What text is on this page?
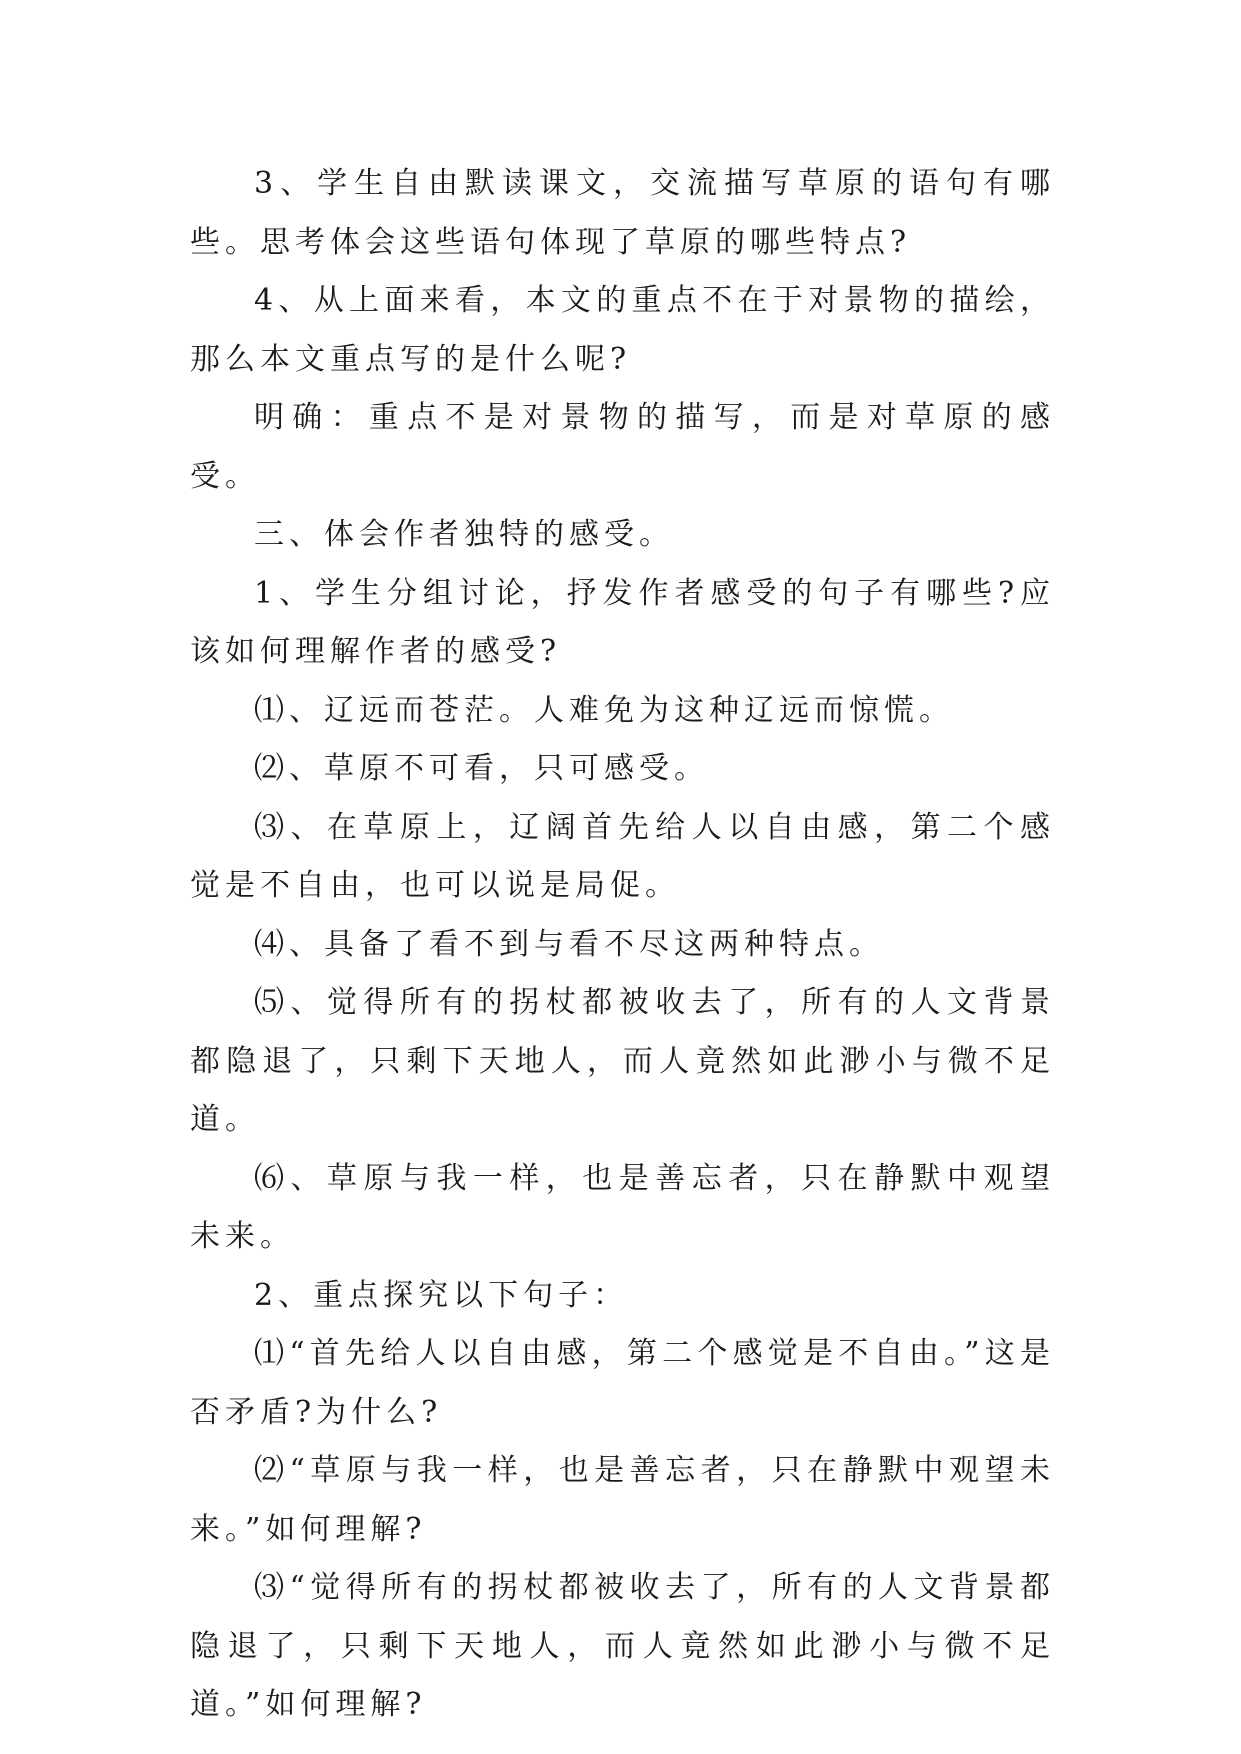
3、学生自由默读课文，交流描写草原的语句有哪些。思考体会这些语句体现了草原的哪些特点?

4、从上面来看，本文的重点不在于对景物的描绘，那么本文重点写的是什么呢?

明确：重点不是对景物的描写，而是对草原的感受。

三、体会作者独特的感受。

1、学生分组讨论，抒发作者感受的句子有哪些?应该如何理解作者的感受?

⑴、辽远而苍茫。人难免为这种辽远而惊慌。

⑵、草原不可看，只可感受。

⑶、在草原上，辽阔首先给人以自由感，第二个感觉是不自由，也可以说是局促。

⑷、具备了看不到与看不尽这两种特点。

⑸、觉得所有的拐杖都被收去了，所有的人文背景都隐退了，只剩下天地人，而人竟然如此渺小与微不足道。

⑹、草原与我一样，也是善忘者，只在静默中观望未来。

2、重点探究以下句子：

⑴“首先给人以自由感，第二个感觉是不自由。”这是否矛盾?为什么?

⑵“草原与我一样，也是善忘者，只在静默中观望未来。”如何理解?

⑶“觉得所有的拐杖都被收去了，所有的人文背景都隐退了，只剩下天地人，而人竟然如此渺小与微不足道。”如何理解?
